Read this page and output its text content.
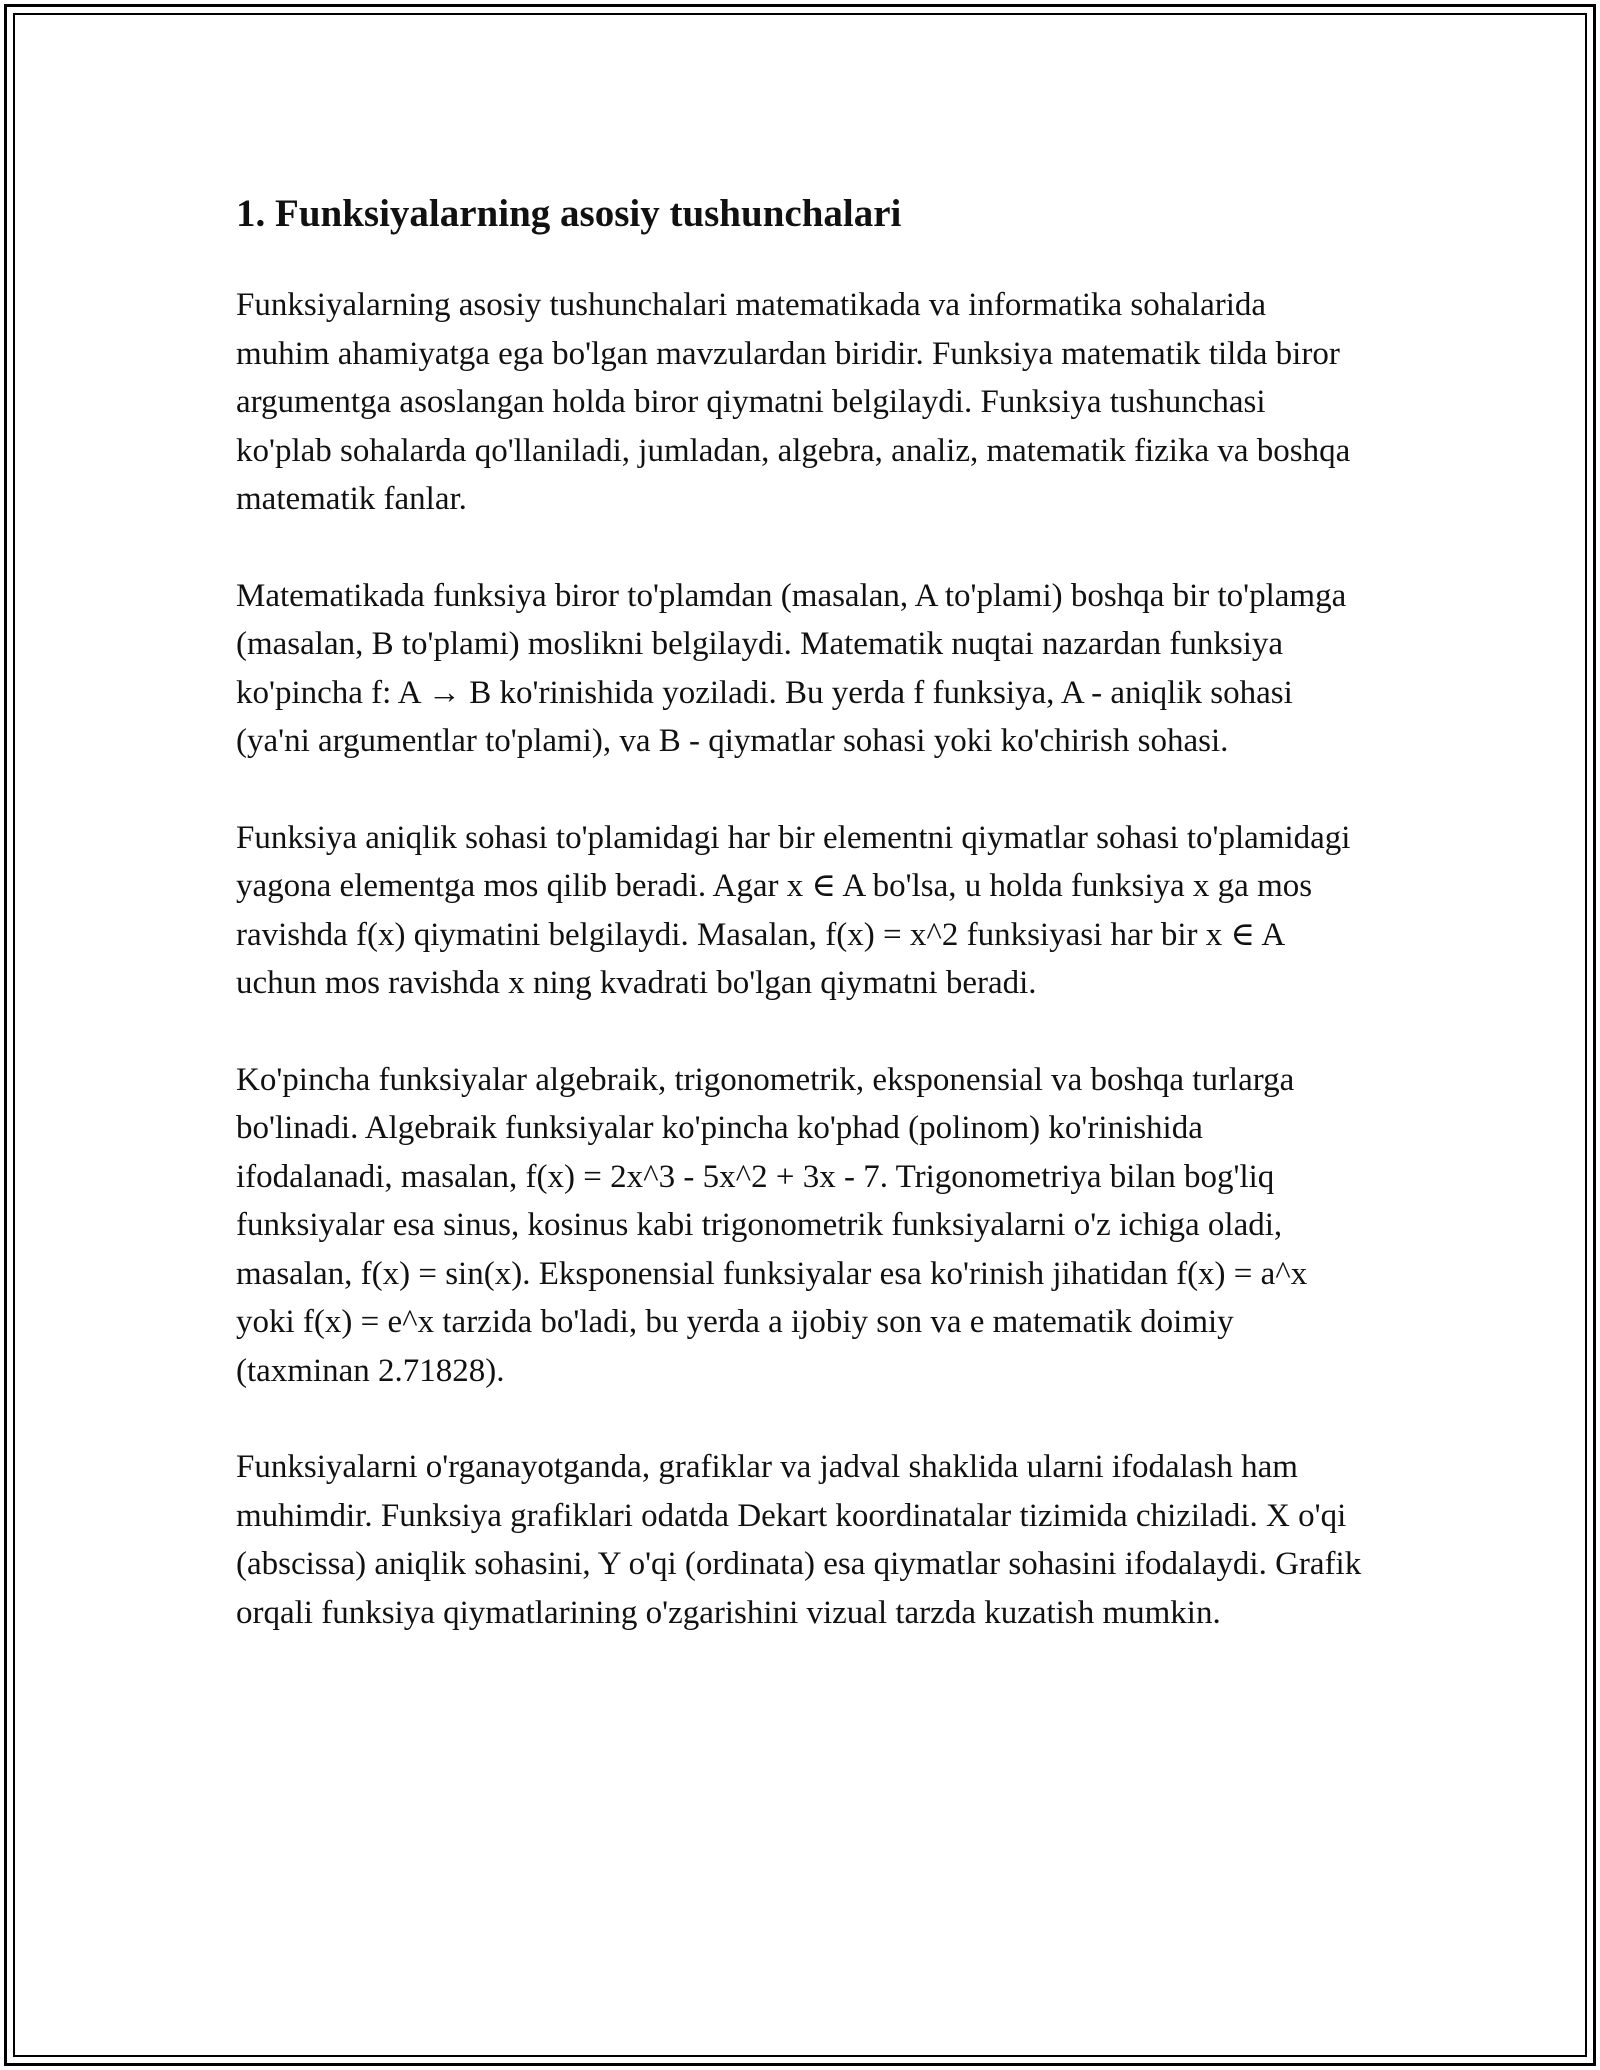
1. Funksiyalarning asosiy tushunchalari

Funksiyalarning asosiy tushunchalari matematikada va informatika sohalarida muhim ahamiyatga ega bo'lgan mavzulardan biridir. Funksiya matematik tilda biror argumentga asoslangan holda biror qiymatni belgilaydi. Funksiya tushunchasi ko'plab sohalarda qo'llaniladi, jumladan, algebra, analiz, matematik fizika va boshqa matematik fanlar.

Matematikada funksiya biror to'plamdan (masalan, A to'plami) boshqa bir to'plamga (masalan, B to'plami) moslikni belgilaydi. Matematik nuqtai nazardan funksiya ko'pincha f: A → B ko'rinishida yoziladi. Bu yerda f funksiya, A - aniqlik sohasi (ya'ni argumentlar to'plami), va B - qiymatlar sohasi yoki ko'chirish sohasi.

Funksiya aniqlik sohasi to'plamidagi har bir elementni qiymatlar sohasi to'plamidagi yagona elementga mos qilib beradi. Agar x ∈ A bo'lsa, u holda funksiya x ga mos ravishda f(x) qiymatini belgilaydi. Masalan, f(x) = x^2 funksiyasi har bir x ∈ A uchun mos ravishda x ning kvadrati bo'lgan qiymatni beradi.

Ko'pincha funksiyalar algebraik, trigonometrik, eksponensial va boshqa turlarga bo'linadi. Algebraik funksiyalar ko'pincha ko'phad (polinom) ko'rinishida ifodalanadi, masalan, f(x) = 2x^3 - 5x^2 + 3x - 7. Trigonometriya bilan bog'liq funksiyalar esa sinus, kosinus kabi trigonometrik funksiyalarni o'z ichiga oladi, masalan, f(x) = sin(x). Eksponensial funksiyalar esa ko'rinish jihatidan f(x) = a^x yoki f(x) = e^x tarzida bo'ladi, bu yerda a ijobiy son va e matematik doimiy (taxminan 2.71828).

Funksiyalarni o'rganayotganda, grafiklar va jadval shaklida ularni ifodalash ham muhimdir. Funksiya grafiklari odatda Dekart koordinatalar tizimida chiziladi. X o'qi (abscissa) aniqlik sohasini, Y o'qi (ordinata) esa qiymatlar sohasini ifodalaydi. Grafik orqali funksiya qiymatlarining o'zgarishini vizual tarzda kuzatish mumkin.
